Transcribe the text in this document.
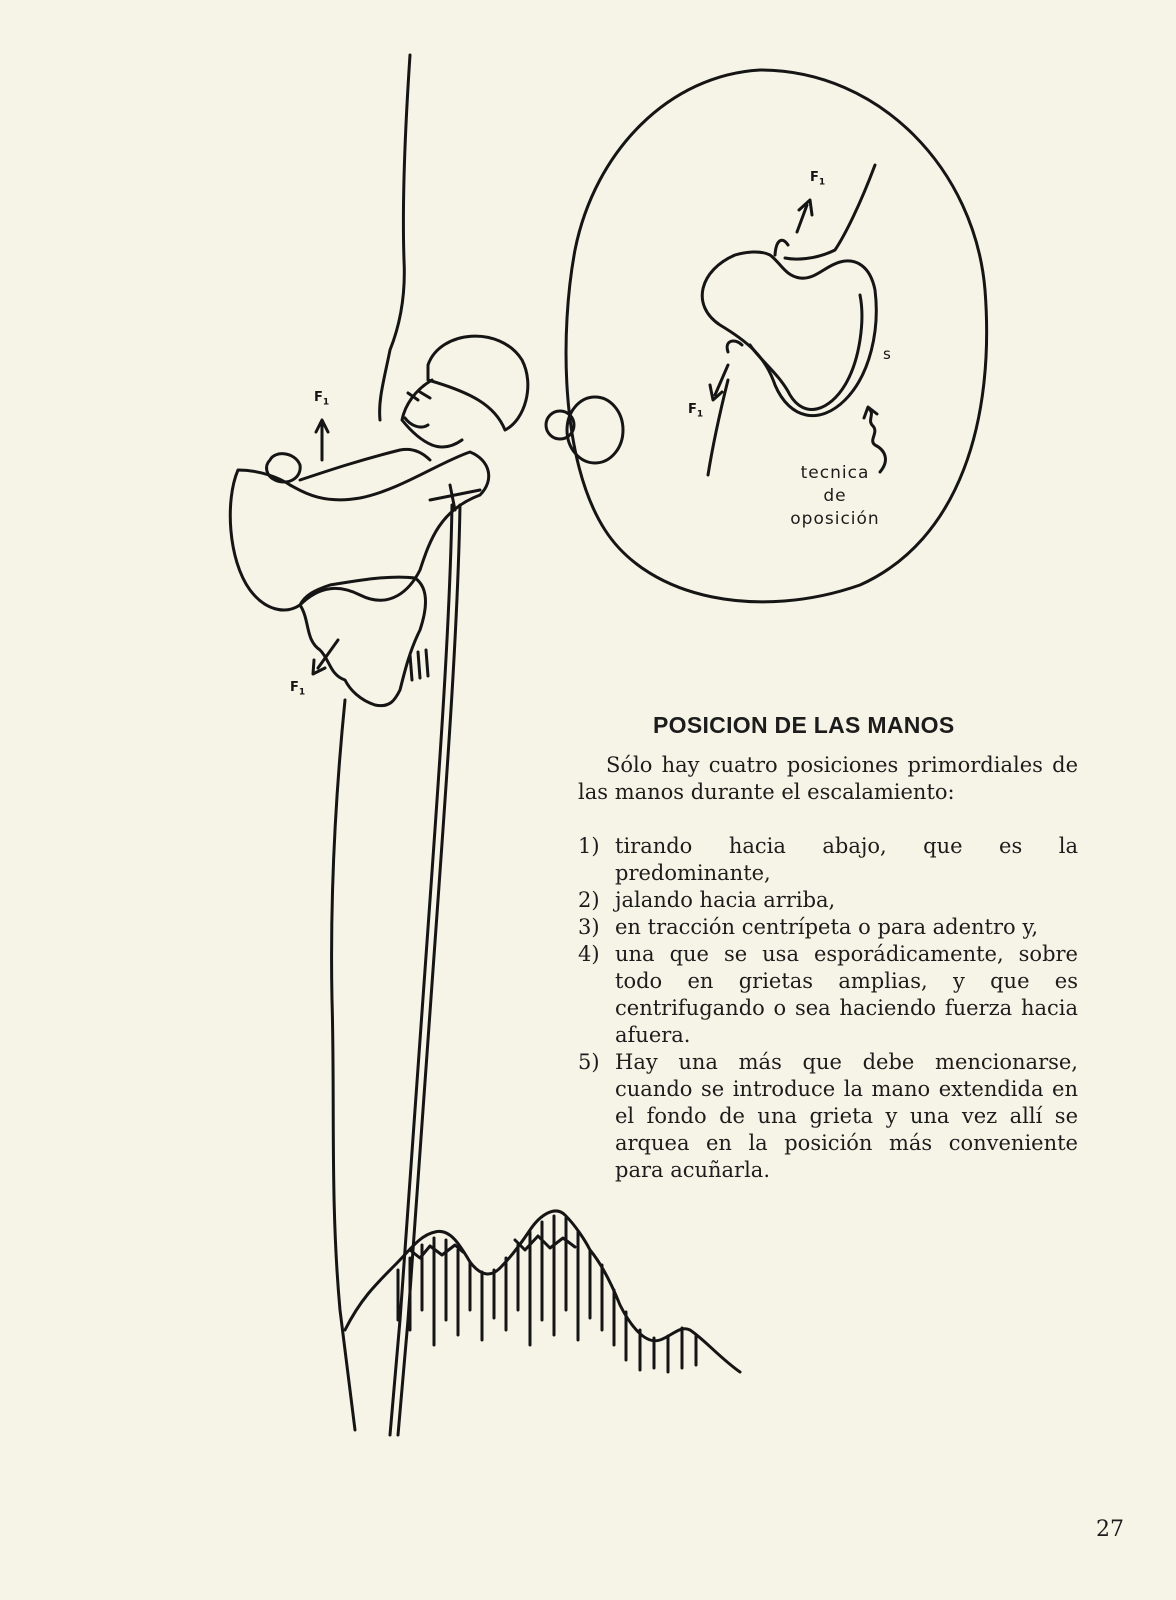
$F_1$
$F_1$
$F_1$
$F_1$
s
tecnica
de
oposición
POSICION DE LAS MANOS

Sólo hay cuatro posiciones primordiales de las manos durante el escalamiento:

1) tirando hacia abajo, que es la predominante,
2) jalando hacia arriba,
3) en tracción centrípeta o para adentro y,
4) una que se usa esporádicamente, sobre todo en grietas amplias, y que es centrifugando o sea haciendo fuerza hacia afuera.
5) Hay una más que debe mencionarse, cuando se introduce la mano extendida en el fondo de una grieta y una vez allí se arquea en la posición más conveniente para acuñarla.
27
